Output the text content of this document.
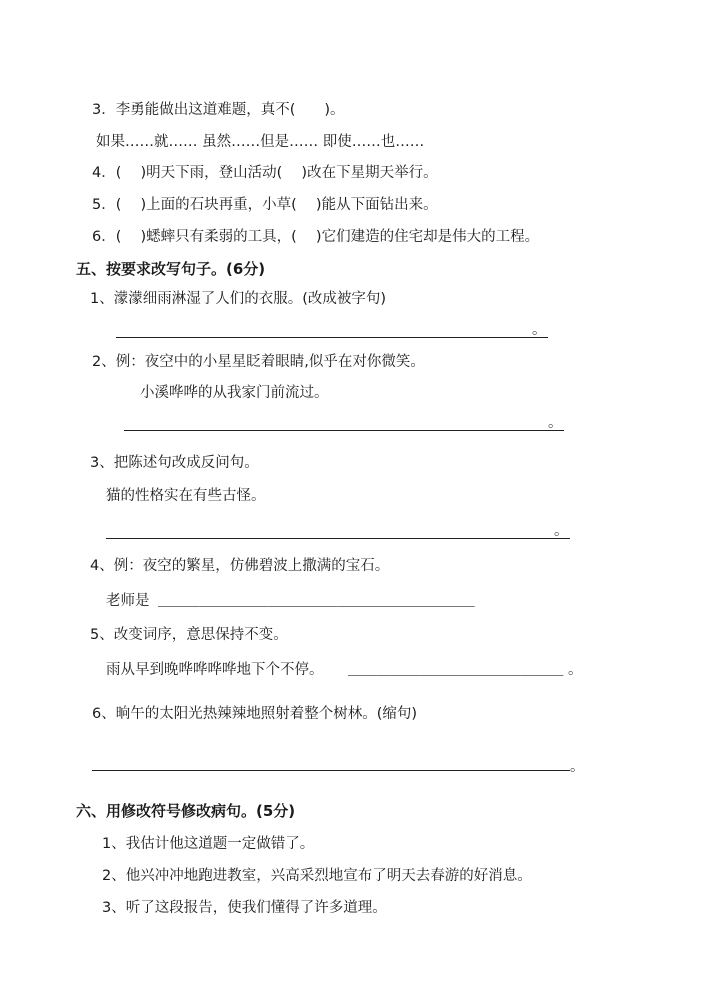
3．李勇能做出这道难题，真不(　　)。
如果……就…… 虽然……但是…… 即使……也……
4．(　 )明天下雨，登山活动(　 )改在下星期天举行。
5．(　 )上面的石块再重，小草(　 )能从下面钻出来。
6．(　 )蟋蟀只有柔弱的工具，(　 )它们建造的住宅却是伟大的工程。
五、按要求改写句子。(6分)
1、濛濛细雨淋湿了人们的衣服。(改成被字句)
。
2、例：夜空中的小星星眨着眼睛,似乎在对你微笑。
小溪哗哗的从我家门前流过。
。
3、把陈述句改成反问句。
猫的性格实在有些古怪。
。
4、例：夜空的繁星，仿佛碧波上撒满的宝石。
老师是 ＿＿＿＿＿＿＿＿＿＿＿＿＿＿＿＿＿＿＿＿＿＿＿
5、改变词序，意思保持不变。
雨从早到晚哗哗哗哗地下个不停。 ＿＿＿＿＿＿＿＿＿＿＿＿＿＿＿ 。
6、晌午的太阳光热辣辣地照射着整个树林。(缩句)
。
六、用修改符号修改病句。(5分)
1、我估计他这道题一定做错了。
2、他兴冲冲地跑进教室，兴高采烈地宣布了明天去春游的好消息。
3、听了这段报告，使我们懂得了许多道理。
